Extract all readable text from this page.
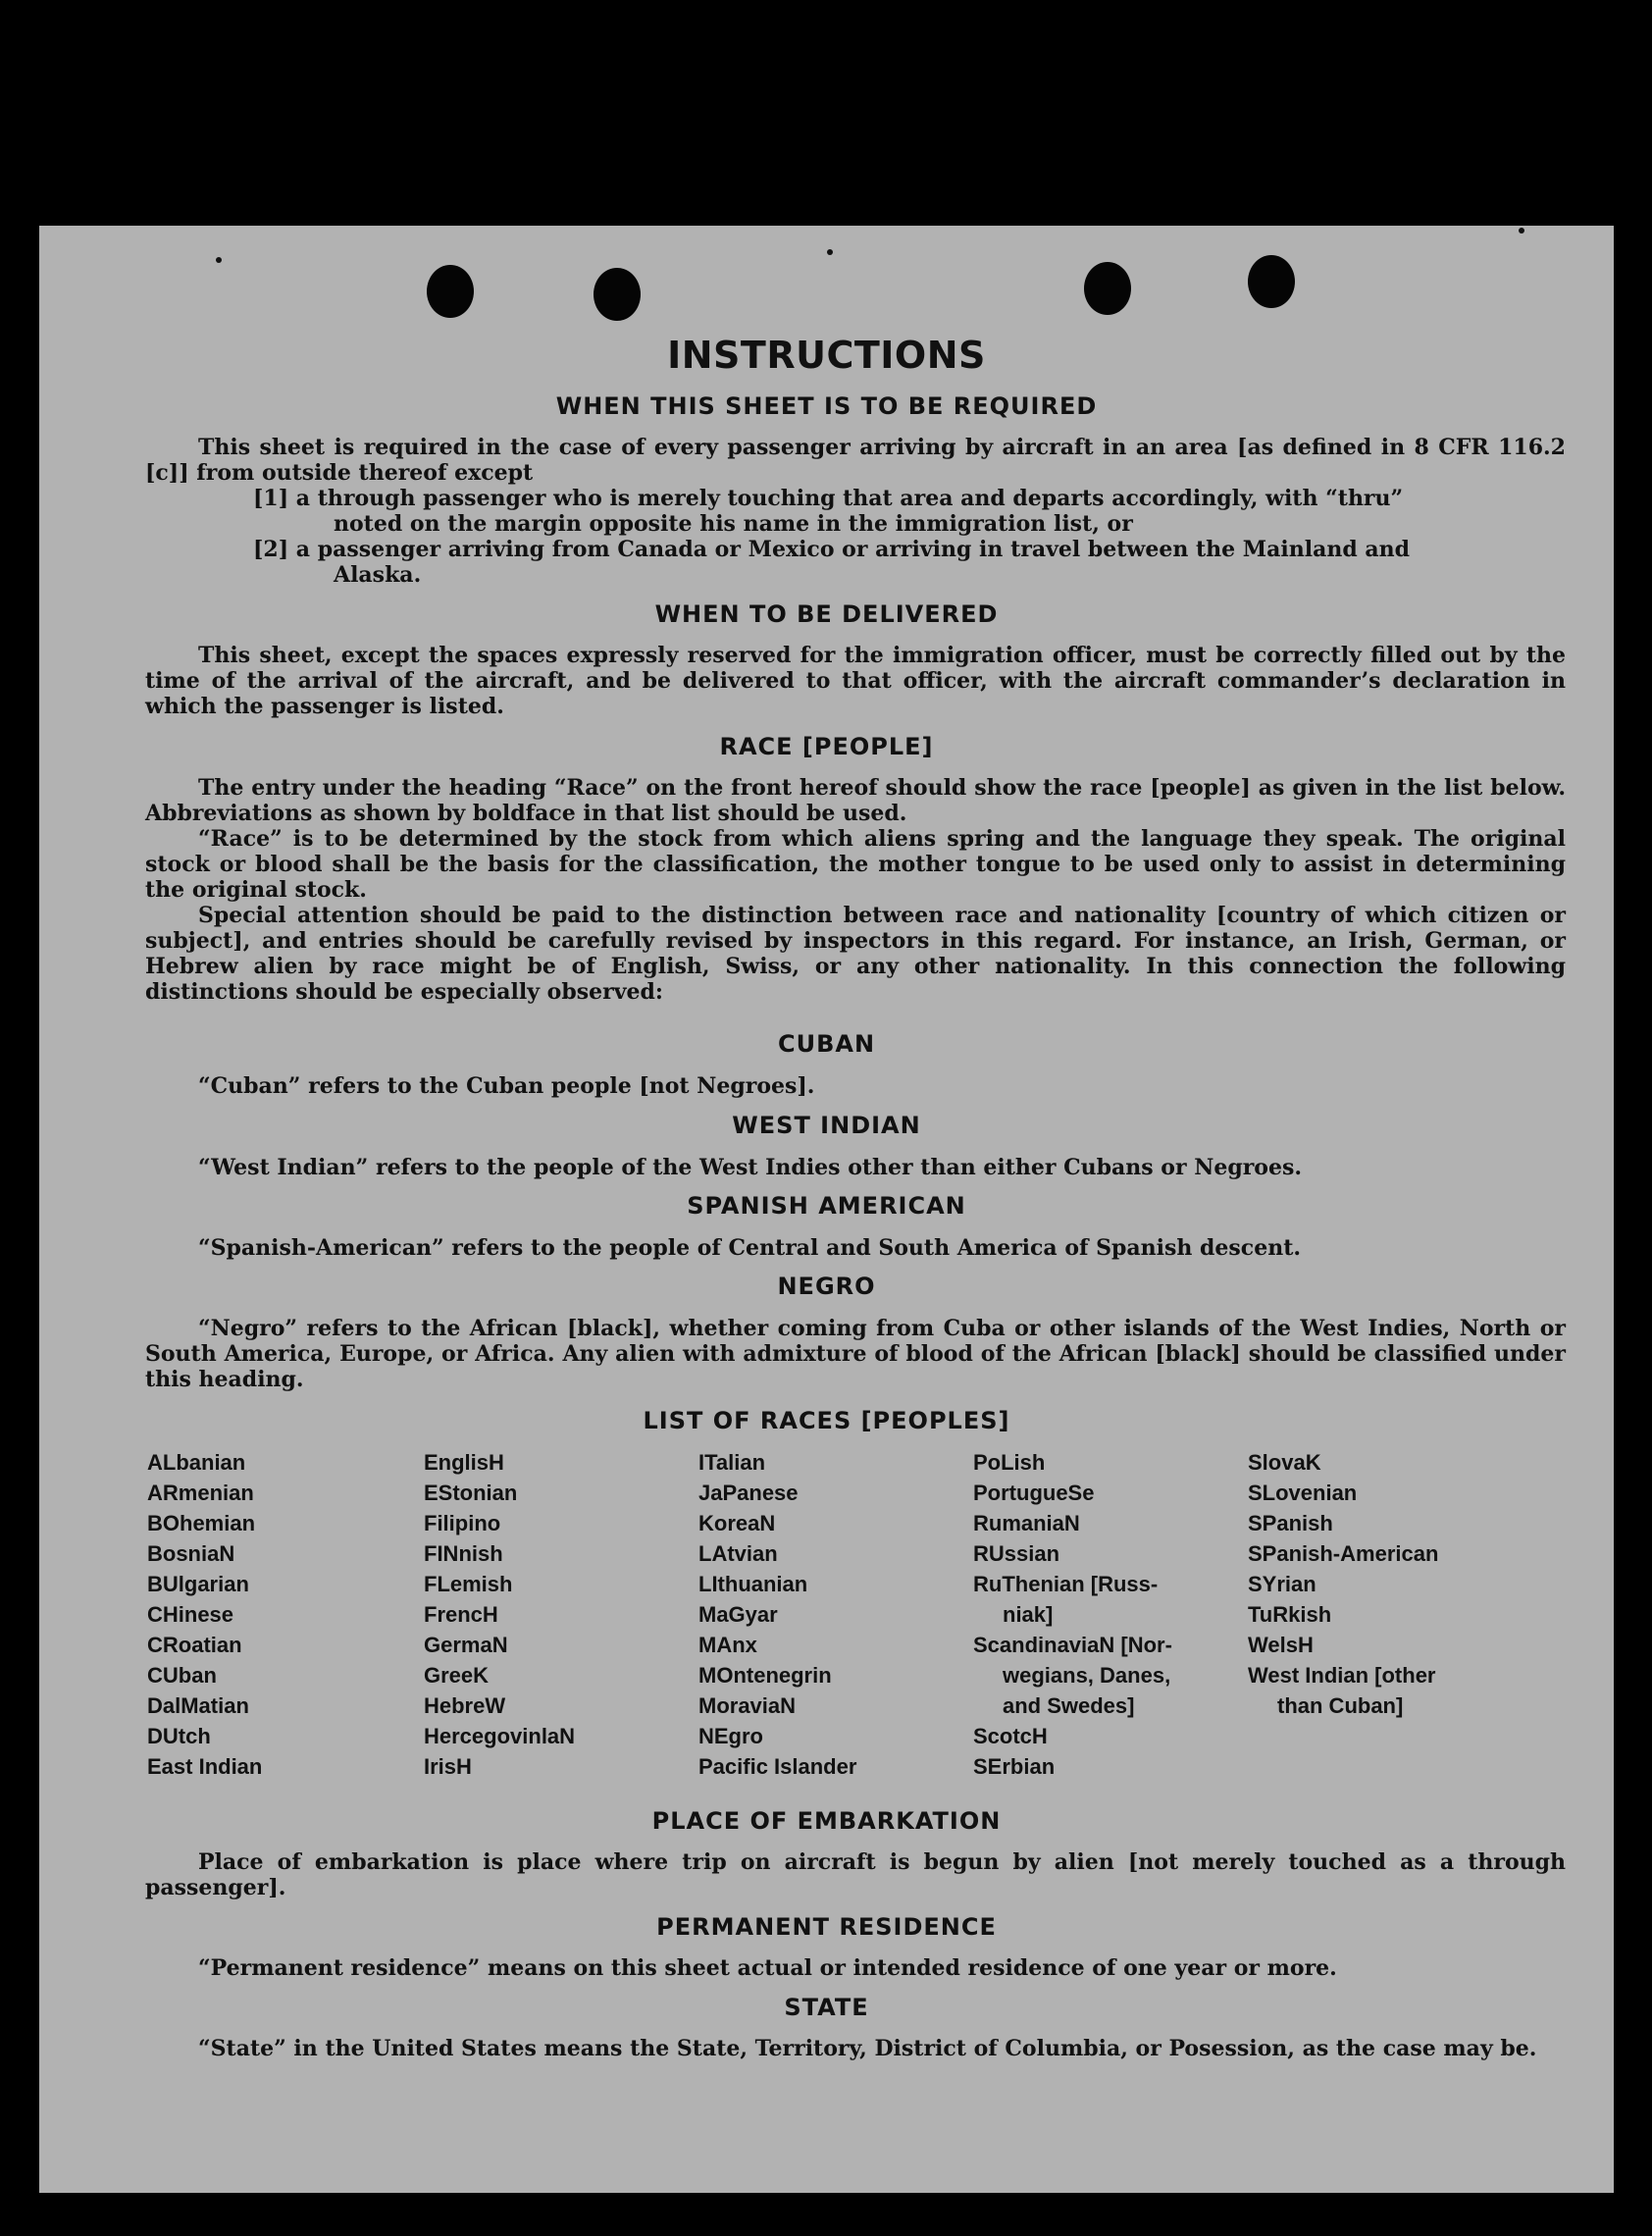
INSTRUCTIONS
WHEN THIS SHEET IS TO BE REQUIRED
This sheet is required in the case of every passenger arriving by aircraft in an area [as defined in 8 CFR 116.2 [c]] from outside thereof except
[1] a through passenger who is merely touching that area and departs accordingly, with “thru”
noted on the margin opposite his name in the immigration list, or
[2] a passenger arriving from Canada or Mexico or arriving in travel between the Mainland and
Alaska.
WHEN TO BE DELIVERED
This sheet, except the spaces expressly reserved for the immigration officer, must be correctly filled out by the time of the arrival of the aircraft, and be delivered to that officer, with the aircraft commander’s declaration in which the passenger is listed.
RACE [PEOPLE]
The entry under the heading “Race” on the front hereof should show the race [people] as given in the list below. Abbreviations as shown by boldface in that list should be used.
“Race” is to be determined by the stock from which aliens spring and the language they speak. The original stock or blood shall be the basis for the classification, the mother tongue to be used only to assist in determining the original stock.
Special attention should be paid to the distinction between race and nationality [country of which citizen or subject], and entries should be carefully revised by inspectors in this regard. For instance, an Irish, German, or Hebrew alien by race might be of English, Swiss, or any other nationality. In this connection the following distinctions should be especially observed:
CUBAN
“Cuban” refers to the Cuban people [not Negroes].
WEST INDIAN
“West Indian” refers to the people of the West Indies other than either Cubans or Negroes.
SPANISH AMERICAN
“Spanish-American” refers to the people of Central and South America of Spanish descent.
NEGRO
“Negro” refers to the African [black], whether coming from Cuba or other islands of the West Indies, North or South America, Europe, or Africa. Any alien with admixture of blood of the African [black] should be classified under this heading.
LIST OF RACES [PEOPLES]
ALbanian
ARmenian
BOhemian
BosniaN
BUlgarian
CHinese
CRoatian
CUban
DalMatian
DUtch
East Indian
EnglisH
EStonian
Filipino
FINnish
FLemish
FrencH
GermaN
GreeK
HebreW
HercegovinlaN
IrisH
ITalian
JaPanese
KoreaN
LAtvian
LIthuanian
MaGyar
MAnx
MOntenegrin
MoraviaN
NEgro
Pacific Islander
PoLish
PortugueSe
RumaniaN
RUssian
RuThenian [Russ-
niak]
ScandinaviaN [Nor-
wegians, Danes,
and Swedes]
ScotcH
SErbian
SlovaK
SLovenian
SPanish
SPanish-American
SYrian
TuRkish
WelsH
West Indian [other
than Cuban]
PLACE OF EMBARKATION
Place of embarkation is place where trip on aircraft is begun by alien [not merely touched as a through passenger].
PERMANENT RESIDENCE
“Permanent residence” means on this sheet actual or intended residence of one year or more.
STATE
“State” in the United States means the State, Territory, District of Columbia, or Posession, as the case may be.
